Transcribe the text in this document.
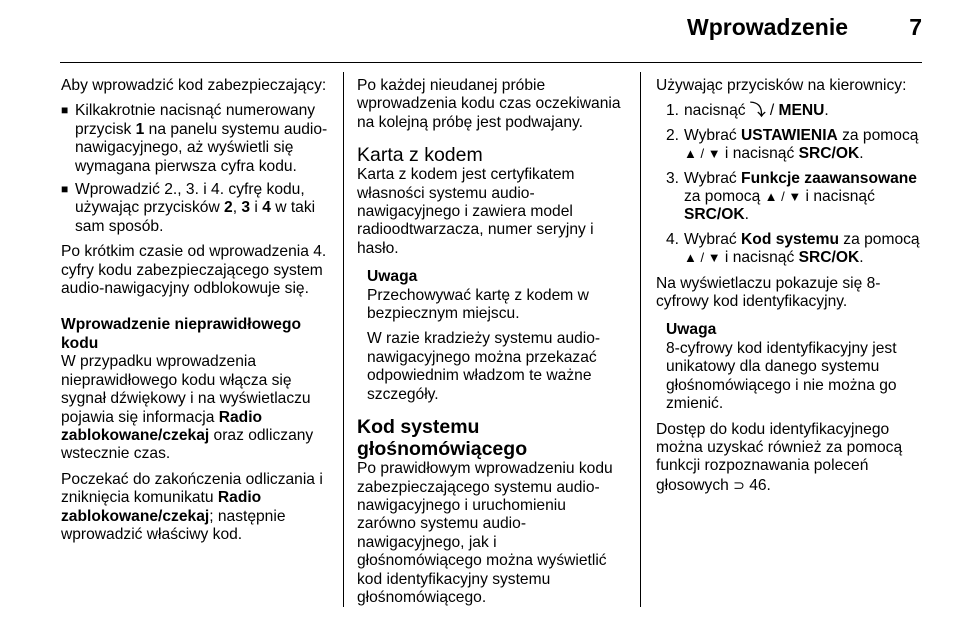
Wprowadzenie	7

Aby wprowadzić kod zabezpieczający:

■ Kilkakrotnie nacisnąć numerowany przycisk 1 na panelu systemu audio-nawigacyjnego, aż wyświetli się wymagana pierwsza cyfra kodu.
■ Wprowadzić 2., 3. i 4. cyfrę kodu, używając przycisków 2, 3 i 4 w taki sam sposób.

Po krótkim czasie od wprowadzenia 4. cyfry kodu zabezpieczającego system audio-nawigacyjny odblokowuje się.

Wprowadzenie nieprawidłowego kodu

W przypadku wprowadzenia nieprawidłowego kodu włącza się sygnał dźwiękowy i na wyświetlaczu pojawia się informacja Radio zablokowane/czekaj oraz odliczany wstecznie czas.

Poczekać do zakończenia odliczania i zniknięcia komunikatu Radio zablokowane/czekaj; następnie wprowadzić właściwy kod.

Po każdej nieudanej próbie wprowadzenia kodu czas oczekiwania na kolejną próbę jest podwajany.

Karta z kodem

Karta z kodem jest certyfikatem własności systemu audio-nawigacyjnego i zawiera model radioodtwarzacza, numer seryjny i hasło.

Uwaga

Przechowywać kartę z kodem w bezpiecznym miejscu.

W razie kradzieży systemu audio-nawigacyjnego można przekazać odpowiednim władzom te ważne szczegóły.

Kod systemu głośnomówiącego

Po prawidłowym wprowadzeniu kodu zabezpieczającego systemu audio-nawigacyjnego i uruchomieniu zarówno systemu audio-nawigacyjnego, jak i głośnomówiącego można wyświetlić kod identyfikacyjny systemu głośnomówiącego.

Używając przycisków na kierownicy:

1. nacisnąć ⤵ / MENU.
2. Wybrać USTAWIENIA za pomocą ▲ / ▼ i nacisnąć SRC/OK.
3. Wybrać Funkcje zaawansowane za pomocą ▲ / ▼ i nacisnąć SRC/OK.
4. Wybrać Kod systemu za pomocą ▲ / ▼ i nacisnąć SRC/OK.

Na wyświetlaczu pokazuje się 8-cyfrowy kod identyfikacyjny.

Uwaga

8-cyfrowy kod identyfikacyjny jest unikatowy dla danego systemu głośnomówiącego i nie można go zmienić.

Dostęp do kodu identyfikacyjnego można uzyskać również za pomocą funkcji rozpoznawania poleceń głosowych ⊃ 46.
